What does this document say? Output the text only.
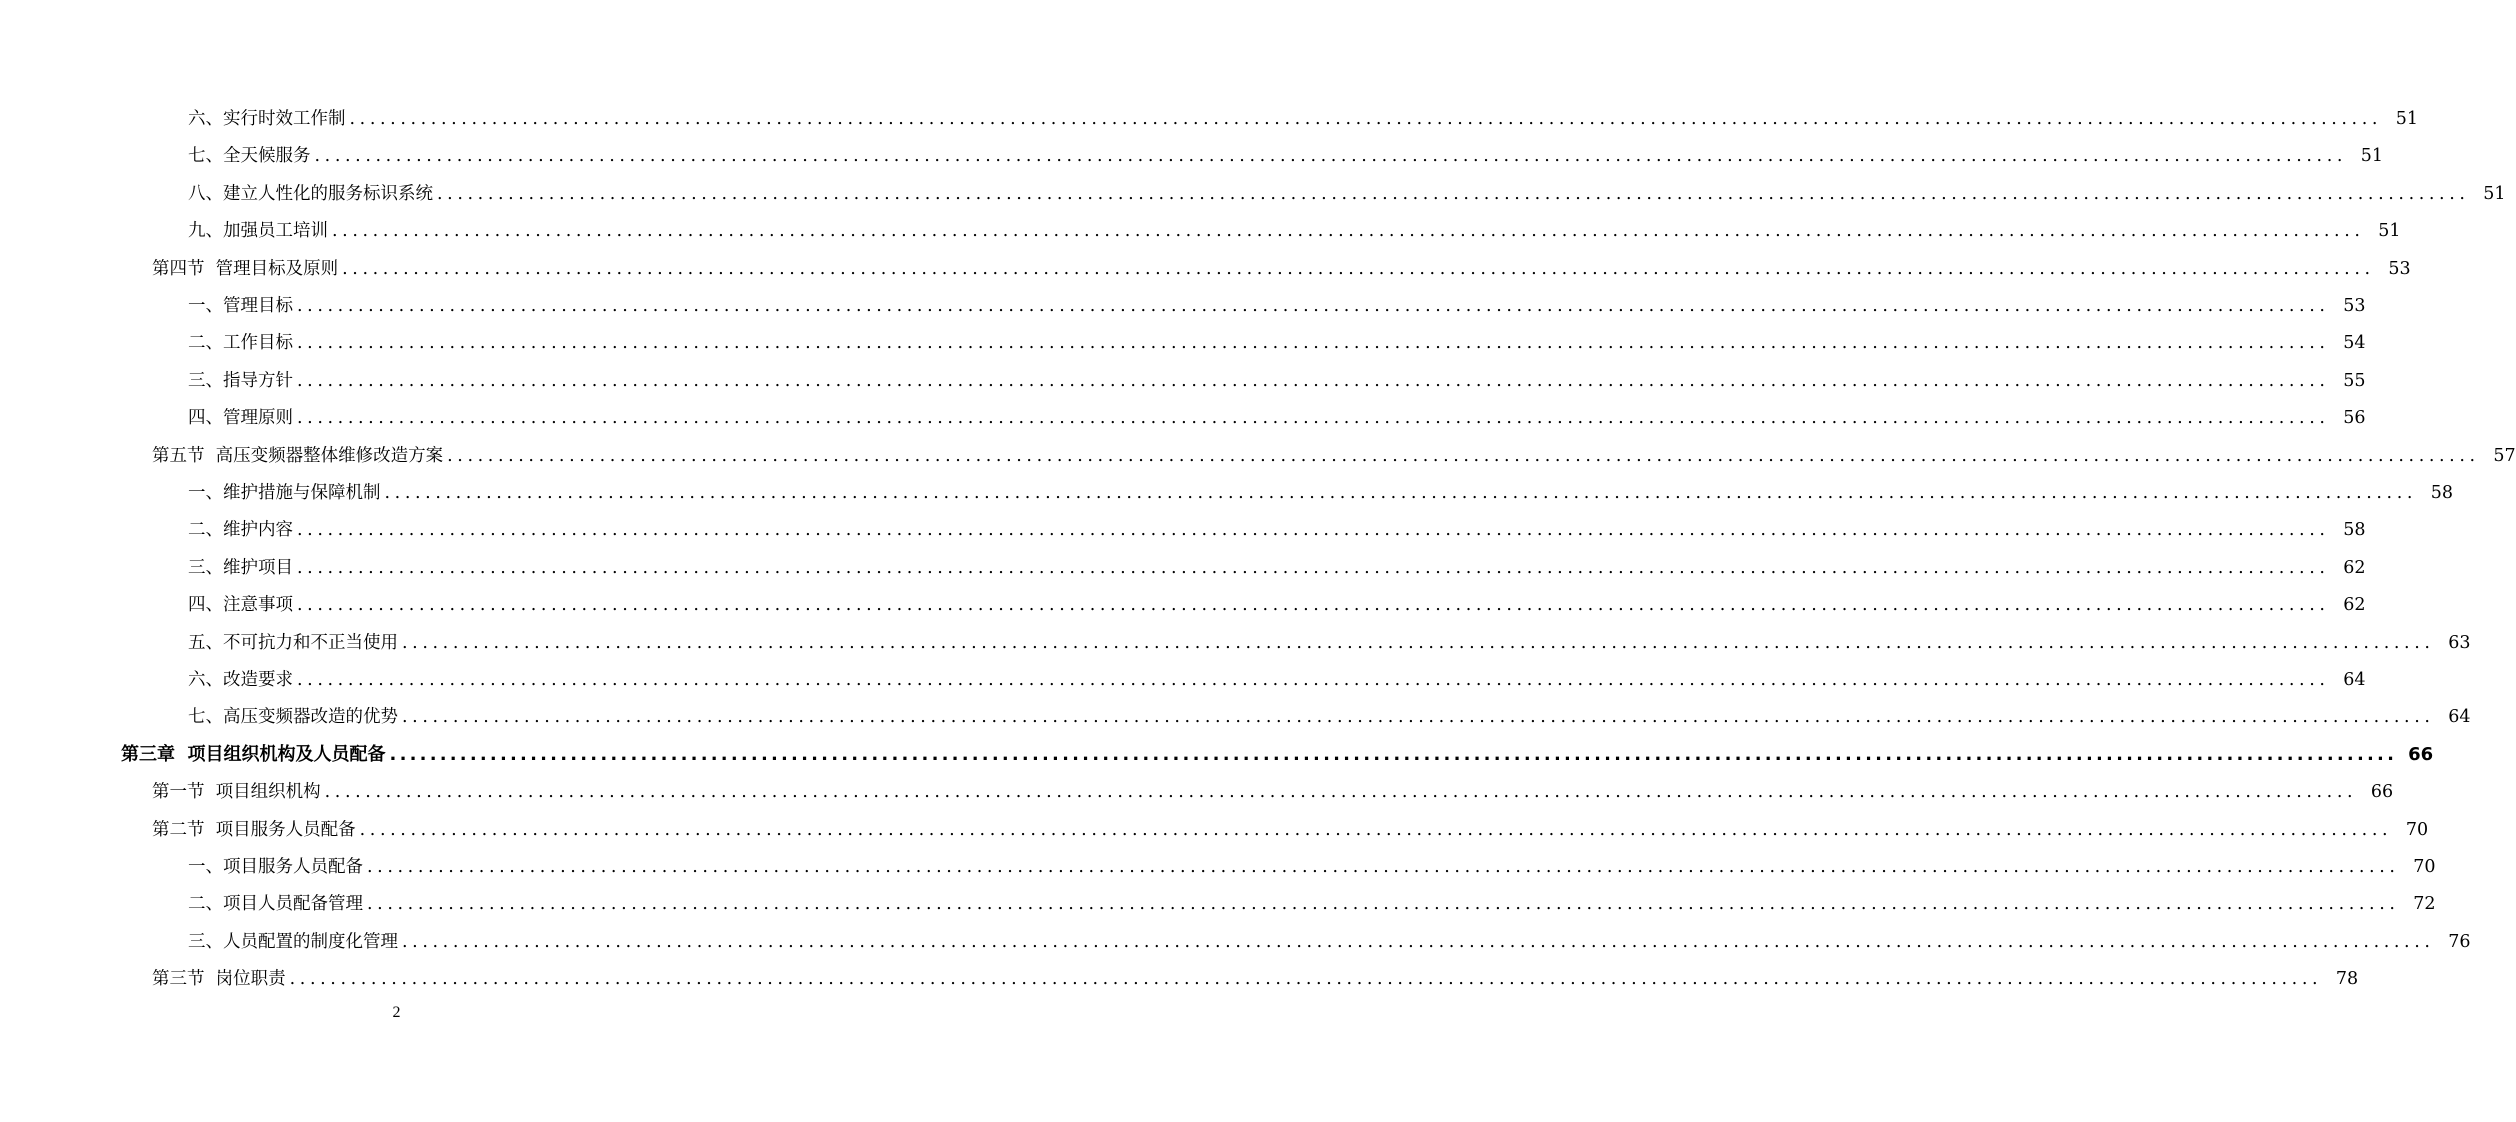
六、实行时效工作制 ........................................................................................................................................................................................................ 51
七、全天候服务 ........................................................................................................................................................................................................ 51
八、建立人性化的服务标识系统 ........................................................................................................................................................................................................ 51
九、加强员工培训 ........................................................................................................................................................................................................ 51
第四节  管理目标及原则 ........................................................................................................................................................................................................ 53
一、管理目标 ........................................................................................................................................................................................................ 53
二、工作目标 ........................................................................................................................................................................................................ 54
三、指导方针 ........................................................................................................................................................................................................ 55
四、管理原则 ........................................................................................................................................................................................................ 56
第五节  高压变频器整体维修改造方案 ........................................................................................................................................................................................................ 57
一、维护措施与保障机制 ........................................................................................................................................................................................................ 58
二、维护内容 ........................................................................................................................................................................................................ 58
三、维护项目 ........................................................................................................................................................................................................ 62
四、注意事项 ........................................................................................................................................................................................................ 62
五、不可抗力和不正当使用 ........................................................................................................................................................................................................ 63
六、改造要求 ........................................................................................................................................................................................................ 64
七、高压变频器改造的优势 ........................................................................................................................................................................................................ 64
第三章  项目组织机构及人员配备 ........................................................................................................................................................................................................ 66
第一节  项目组织机构 ........................................................................................................................................................................................................ 66
第二节  项目服务人员配备 ........................................................................................................................................................................................................ 70
一、项目服务人员配备 ........................................................................................................................................................................................................ 70
二、项目人员配备管理 ........................................................................................................................................................................................................ 72
三、人员配置的制度化管理 ........................................................................................................................................................................................................ 76
第三节  岗位职责 ........................................................................................................................................................................................................ 78
2
